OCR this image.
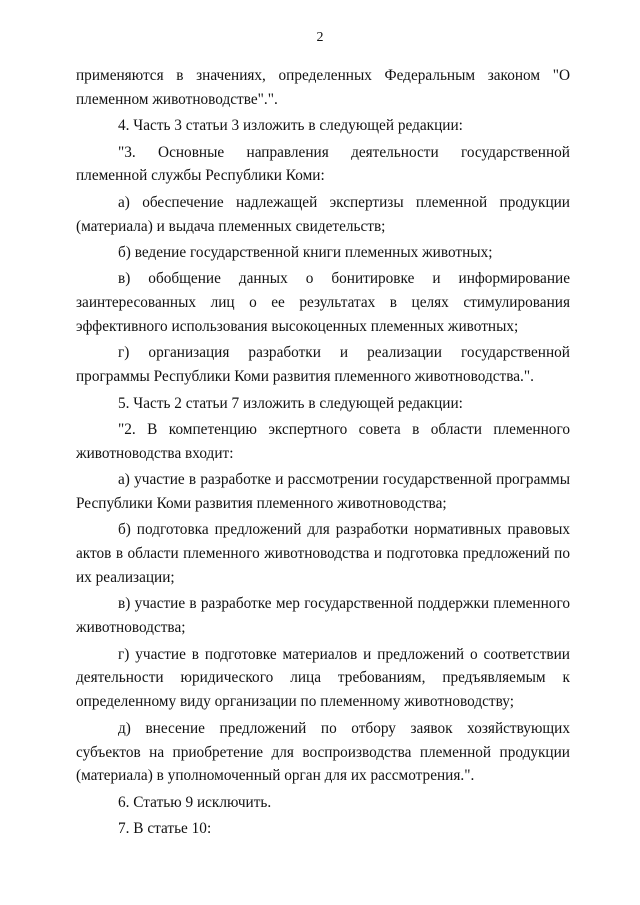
2

применяются в значениях, определенных Федеральным законом "О племенном животноводстве".".

4. Часть 3 статьи 3 изложить в следующей редакции:

"3. Основные направления деятельности государственной племенной службы Республики Коми:

а) обеспечение надлежащей экспертизы племенной продукции (материала) и выдача племенных свидетельств;

б) ведение государственной книги племенных животных;

в) обобщение данных о бонитировке и информирование заинтересованных лиц о ее результатах в целях стимулирования эффективного использования высокоценных племенных животных;

г) организация разработки и реализации государственной программы Республики Коми развития племенного животноводства.".

5. Часть 2 статьи 7 изложить в следующей редакции:

"2. В компетенцию экспертного совета в области племенного животноводства входит:

а) участие в разработке и рассмотрении государственной программы Республики Коми развития племенного животноводства;

б) подготовка предложений для разработки нормативных правовых актов в области племенного животноводства и подготовка предложений по их реализации;

в) участие в разработке мер государственной поддержки племенного животноводства;

г) участие в подготовке материалов и предложений о соответствии деятельности юридического лица требованиям, предъявляемым к определенному виду организации по племенному животноводству;

д) внесение предложений по отбору заявок хозяйствующих субъектов на приобретение для воспроизводства племенной продукции (материала) в уполномоченный орган для их рассмотрения.".

6. Статью 9 исключить.

7. В статье 10:
